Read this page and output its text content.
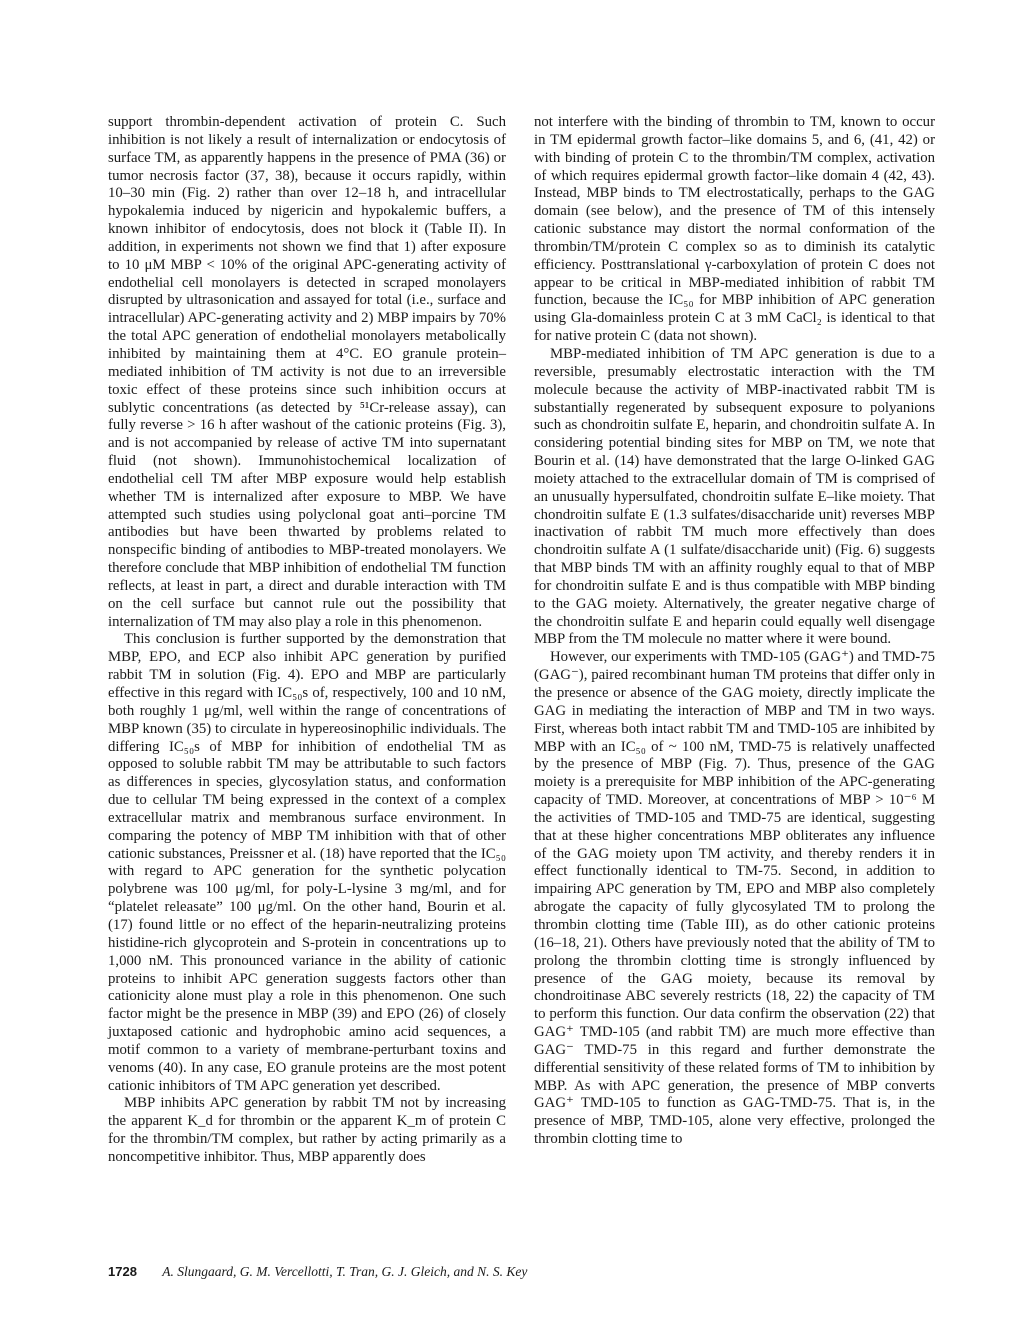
support thrombin-dependent activation of protein C. Such inhibition is not likely a result of internalization or endocytosis of surface TM, as apparently happens in the presence of PMA (36) or tumor necrosis factor (37, 38), because it occurs rapidly, within 10–30 min (Fig. 2) rather than over 12–18 h, and intracellular hypokalemia induced by nigericin and hypokalemic buffers, a known inhibitor of endocytosis, does not block it (Table II). In addition, in experiments not shown we find that 1) after exposure to 10 μM MBP < 10% of the original APC-generating activity of endothelial cell monolayers is detected in scraped monolayers disrupted by ultrasonication and assayed for total (i.e., surface and intracellular) APC-generating activity and 2) MBP impairs by 70% the total APC generation of endothelial monolayers metabolically inhibited by maintaining them at 4°C. EO granule protein–mediated inhibition of TM activity is not due to an irreversible toxic effect of these proteins since such inhibition occurs at sublytic concentrations (as detected by ⁵¹Cr-release assay), can fully reverse > 16 h after washout of the cationic proteins (Fig. 3), and is not accompanied by release of active TM into supernatant fluid (not shown). Immunohistochemical localization of endothelial cell TM after MBP exposure would help establish whether TM is internalized after exposure to MBP. We have attempted such studies using polyclonal goat anti–porcine TM antibodies but have been thwarted by problems related to nonspecific binding of antibodies to MBP-treated monolayers. We therefore conclude that MBP inhibition of endothelial TM function reflects, at least in part, a direct and durable interaction with TM on the cell surface but cannot rule out the possibility that internalization of TM may also play a role in this phenomenon.

This conclusion is further supported by the demonstration that MBP, EPO, and ECP also inhibit APC generation by purified rabbit TM in solution (Fig. 4). EPO and MBP are particularly effective in this regard with IC₅₀s of, respectively, 100 and 10 nM, both roughly 1 μg/ml, well within the range of concentrations of MBP known (35) to circulate in hypereosinophilic individuals. The differing IC₅₀s of MBP for inhibition of endothelial TM as opposed to soluble rabbit TM may be attributable to such factors as differences in species, glycosylation status, and conformation due to cellular TM being expressed in the context of a complex extracellular matrix and membranous surface environment. In comparing the potency of MBP TM inhibition with that of other cationic substances, Preissner et al. (18) have reported that the IC₅₀ with regard to APC generation for the synthetic polycation polybrene was 100 μg/ml, for poly-L-lysine 3 mg/ml, and for “platelet releasate” 100 μg/ml. On the other hand, Bourin et al. (17) found little or no effect of the heparin-neutralizing proteins histidine-rich glycoprotein and S-protein in concentrations up to 1,000 nM. This pronounced variance in the ability of cationic proteins to inhibit APC generation suggests factors other than cationicity alone must play a role in this phenomenon. One such factor might be the presence in MBP (39) and EPO (26) of closely juxtaposed cationic and hydrophobic amino acid sequences, a motif common to a variety of membrane-perturbant toxins and venoms (40). In any case, EO granule proteins are the most potent cationic inhibitors of TM APC generation yet described.

MBP inhibits APC generation by rabbit TM not by increasing the apparent K_d for thrombin or the apparent K_m of protein C for the thrombin/TM complex, but rather by acting primarily as a noncompetitive inhibitor. Thus, MBP apparently does

not interfere with the binding of thrombin to TM, known to occur in TM epidermal growth factor–like domains 5, and 6, (41, 42) or with binding of protein C to the thrombin/TM complex, activation of which requires epidermal growth factor–like domain 4 (42, 43). Instead, MBP binds to TM electrostatically, perhaps to the GAG domain (see below), and the presence of TM of this intensely cationic substance may distort the normal conformation of the thrombin/TM/protein C complex so as to diminish its catalytic efficiency. Posttranslational γ-carboxylation of protein C does not appear to be critical in MBP-mediated inhibition of rabbit TM function, because the IC₅₀ for MBP inhibition of APC generation using Gla-domainless protein C at 3 mM CaCl₂ is identical to that for native protein C (data not shown).

MBP-mediated inhibition of TM APC generation is due to a reversible, presumably electrostatic interaction with the TM molecule because the activity of MBP-inactivated rabbit TM is substantially regenerated by subsequent exposure to polyanions such as chondroitin sulfate E, heparin, and chondroitin sulfate A. In considering potential binding sites for MBP on TM, we note that Bourin et al. (14) have demonstrated that the large O-linked GAG moiety attached to the extracellular domain of TM is comprised of an unusually hypersulfated, chondroitin sulfate E–like moiety. That chondroitin sulfate E (1.3 sulfates/disaccharide unit) reverses MBP inactivation of rabbit TM much more effectively than does chondroitin sulfate A (1 sulfate/disaccharide unit) (Fig. 6) suggests that MBP binds TM with an affinity roughly equal to that of MBP for chondroitin sulfate E and is thus compatible with MBP binding to the GAG moiety. Alternatively, the greater negative charge of the chondroitin sulfate E and heparin could equally well disengage MBP from the TM molecule no matter where it were bound.

However, our experiments with TMD-105 (GAG⁺) and TMD-75 (GAG⁻), paired recombinant human TM proteins that differ only in the presence or absence of the GAG moiety, directly implicate the GAG in mediating the interaction of MBP and TM in two ways. First, whereas both intact rabbit TM and TMD-105 are inhibited by MBP with an IC₅₀ of ~ 100 nM, TMD-75 is relatively unaffected by the presence of MBP (Fig. 7). Thus, presence of the GAG moiety is a prerequisite for MBP inhibition of the APC-generating capacity of TMD. Moreover, at concentrations of MBP > 10⁻⁶ M the activities of TMD-105 and TMD-75 are identical, suggesting that at these higher concentrations MBP obliterates any influence of the GAG moiety upon TM activity, and thereby renders it in effect functionally identical to TM-75. Second, in addition to impairing APC generation by TM, EPO and MBP also completely abrogate the capacity of fully glycosylated TM to prolong the thrombin clotting time (Table III), as do other cationic proteins (16–18, 21). Others have previously noted that the ability of TM to prolong the thrombin clotting time is strongly influenced by presence of the GAG moiety, because its removal by chondroitinase ABC severely restricts (18, 22) the capacity of TM to perform this function. Our data confirm the observation (22) that GAG⁺ TMD-105 (and rabbit TM) are much more effective than GAG⁻ TMD-75 in this regard and further demonstrate the differential sensitivity of these related forms of TM to inhibition by MBP. As with APC generation, the presence of MBP converts GAG⁺ TMD-105 to function as GAG-TMD-75. That is, in the presence of MBP, TMD-105, alone very effective, prolonged the thrombin clotting time to

1728 A. Slungaard, G. M. Vercellotti, T. Tran, G. J. Gleich, and N. S. Key
